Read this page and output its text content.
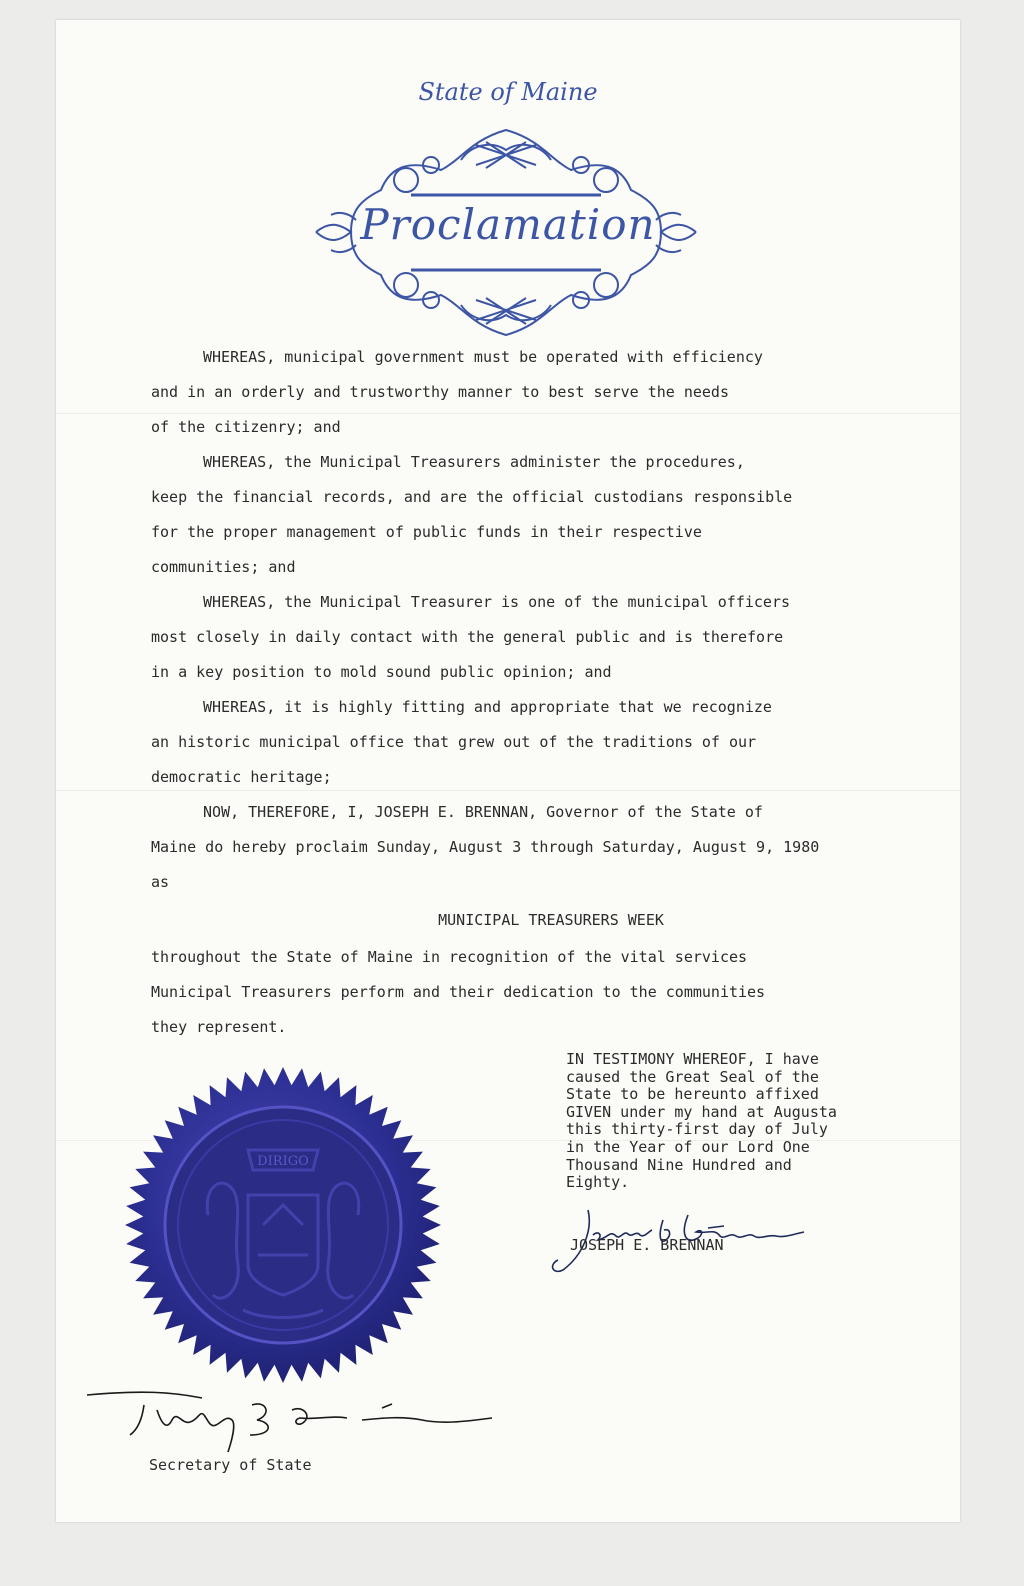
State of Maine
Proclamation

WHEREAS, municipal government must be operated with efficiency
and in an orderly and trustworthy manner to best serve the needs
of the citizenry; and

WHEREAS, the Municipal Treasurers administer the procedures,
keep the financial records, and are the official custodians responsible
for the proper management of public funds in their respective
communities; and

WHEREAS, the Municipal Treasurer is one of the municipal officers
most closely in daily contact with the general public and is therefore
in a key position to mold sound public opinion; and

WHEREAS, it is highly fitting and appropriate that we recognize
an historic municipal office that grew out of the traditions of our
democratic heritage;

NOW, THEREFORE, I, JOSEPH E. BRENNAN, Governor of the State of
Maine do hereby proclaim Sunday, August 3 through Saturday, August 9, 1980
as

MUNICIPAL TREASURERS WEEK

throughout the State of Maine in recognition of the vital services
Municipal Treasurers perform and their dedication to the communities
they represent.

IN TESTIMONY WHEREOF, I have
caused the Great Seal of the
State to be hereunto affixed
GIVEN under my hand at Augusta
this thirty-first day of July
in the Year of our Lord One
Thousand Nine Hundred and
Eighty.
JOSEPH E. BRENNAN
DIRIGO
Secretary of State
